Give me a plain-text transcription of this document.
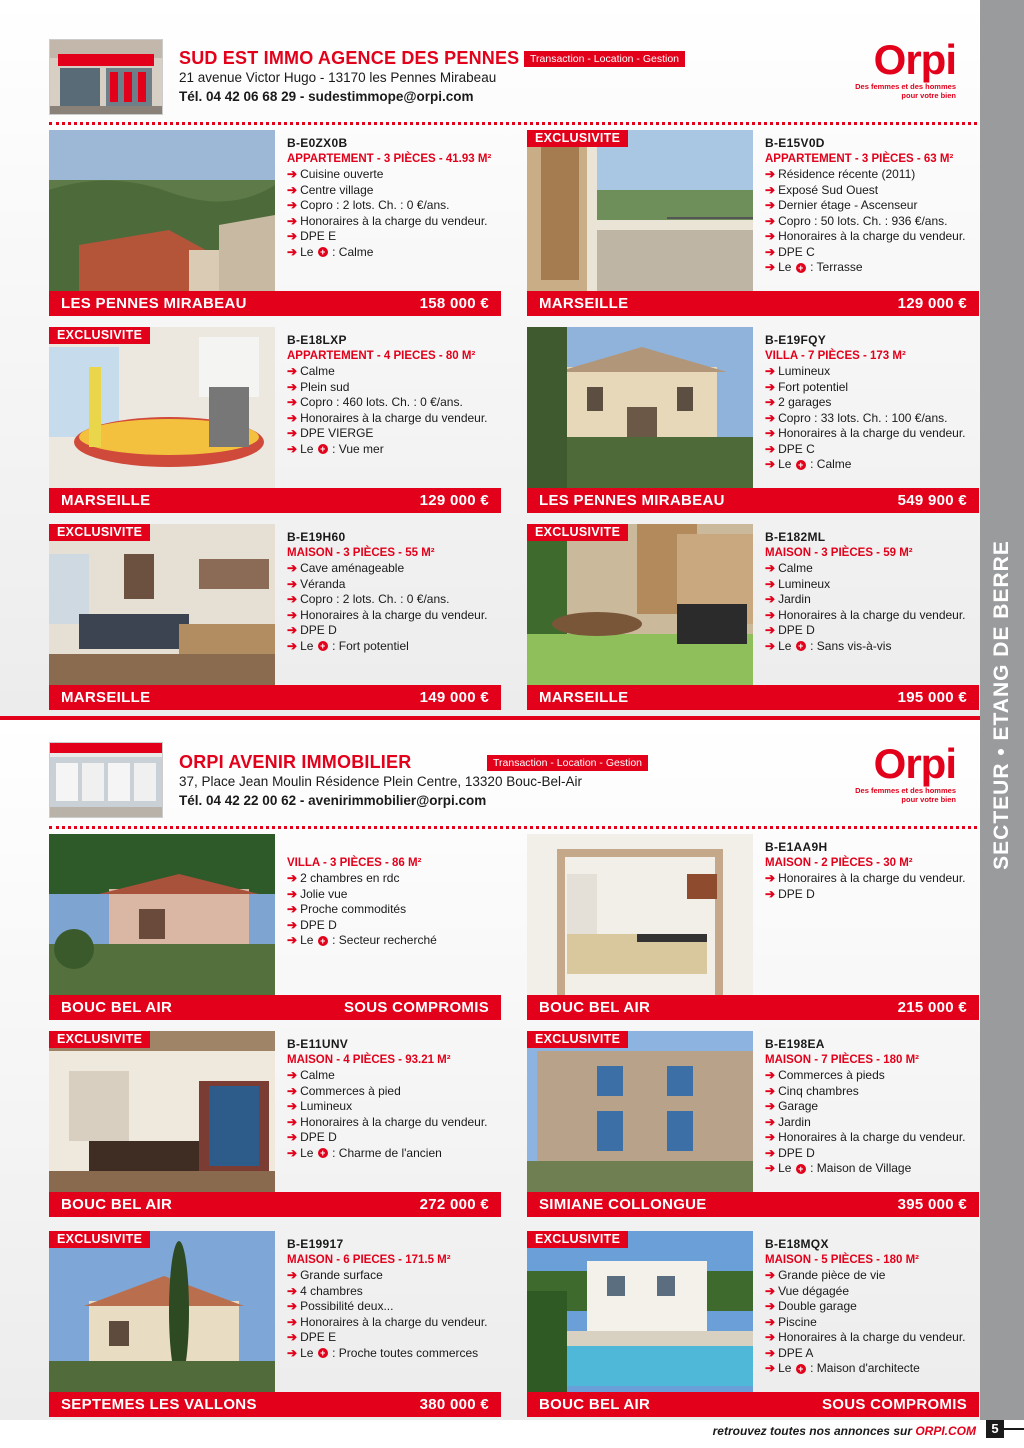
SECTEUR • ETANG DE BERRE
SUD EST IMMO AGENCE DES PENNES	Transaction - Location - Gestion
21 avenue Victor Hugo - 13170 les Pennes Mirabeau
Tél. 04 42 06 68 29 - sudestimmope@orpi.com
Orpi
Des femmes et des hommes
pour votre bien
ORPI AVENIR IMMOBILIER	Transaction - Location - Gestion
37, Place Jean Moulin Résidence Plein Centre, 13320 Bouc-Bel-Air
Tél. 04 42 22 00 62 - avenirimmobilier@orpi.com
Orpi
Des femmes et des hommes
pour votre bien
B-E0ZX0B
APPARTEMENT - 3 PIÈCES - 41.93 M²
➔ Cuisine ouverte
➔ Centre village
➔ Copro : 2 lots. Ch. : 0 €/ans.
➔ Honoraires à la charge du vendeur.
➔ DPE E
➔ Le + : Calme
LES PENNES MIRABEAU	158 000 €
EXCLUSIVITE	B-E15V0D
APPARTEMENT - 3 PIÈCES - 63 M²
➔ Résidence récente (2011)
➔ Exposé Sud Ouest
➔ Dernier étage - Ascenseur
➔ Copro : 50 lots. Ch. : 936 €/ans.
➔ Honoraires à la charge du vendeur.
➔ DPE C
➔ Le + : Terrasse
MARSEILLE	129 000 €
EXCLUSIVITE	B-E18LXP
APPARTEMENT - 4 PIECES - 80 M²
➔ Calme
➔ Plein sud
➔ Copro : 460 lots. Ch. : 0 €/ans.
➔ Honoraires à la charge du vendeur.
➔ DPE VIERGE
➔ Le + : Vue mer
MARSEILLE	129 000 €
B-E19FQY
VILLA - 7 PIÈCES - 173 M²
➔ Lumineux
➔ Fort potentiel
➔ 2 garages
➔ Copro : 33 lots. Ch. : 100 €/ans.
➔ Honoraires à la charge du vendeur.
➔ DPE C
➔ Le + : Calme
LES PENNES MIRABEAU	549 900 €
EXCLUSIVITE	B-E19H60
MAISON - 3 PIÈCES - 55 M²
➔ Cave aménageable
➔ Véranda
➔ Copro : 2 lots. Ch. : 0 €/ans.
➔ Honoraires à la charge du vendeur.
➔ DPE D
➔ Le + : Fort potentiel
MARSEILLE	149 000 €
EXCLUSIVITE	B-E182ML
MAISON - 3 PIÈCES - 59 M²
➔ Calme
➔ Lumineux
➔ Jardin
➔ Honoraires à la charge du vendeur.
➔ DPE D
➔ Le + : Sans vis-à-vis
MARSEILLE	195 000 €

VILLA - 3 PIÈCES - 86 M²
➔ 2 chambres en rdc
➔ Jolie vue
➔ Proche commodités
➔ DPE D
➔ Le + : Secteur recherché
BOUC BEL AIR	SOUS COMPROMIS
B-E1AA9H
MAISON - 2 PIÈCES - 30 M²
➔ Honoraires à la charge du vendeur.
➔ DPE D
BOUC BEL AIR	215 000 €
EXCLUSIVITE	B-E11UNV
MAISON - 4 PIÈCES - 93.21 M²
➔ Calme
➔ Commerces à pied
➔ Lumineux
➔ Honoraires à la charge du vendeur.
➔ DPE D
➔ Le + : Charme de l'ancien
BOUC BEL AIR	272 000 €
EXCLUSIVITE	B-E198EA
MAISON - 7 PIÈCES - 180 M²
➔ Commerces à pieds
➔ Cinq chambres
➔ Garage
➔ Jardin
➔ Honoraires à la charge du vendeur.
➔ DPE D
➔ Le + : Maison de Village
SIMIANE COLLONGUE	395 000 €
EXCLUSIVITE	B-E19917
MAISON - 6 PIECES - 171.5 M²
➔ Grande surface
➔ 4 chambres
➔ Possibilité deux...
➔ Honoraires à la charge du vendeur.
➔ DPE E
➔ Le + : Proche toutes commerces
SEPTEMES LES VALLONS	380 000 €
EXCLUSIVITE	B-E18MQX
MAISON - 5 PIÈCES - 180 M²
➔ Grande pièce de vie
➔ Vue dégagée
➔ Double garage
➔ Piscine
➔ Honoraires à la charge du vendeur.
➔ DPE A
➔ Le + : Maison d'architecte
BOUC BEL AIR	SOUS COMPROMIS
retrouvez toutes nos annonces sur ORPI.COM	5
